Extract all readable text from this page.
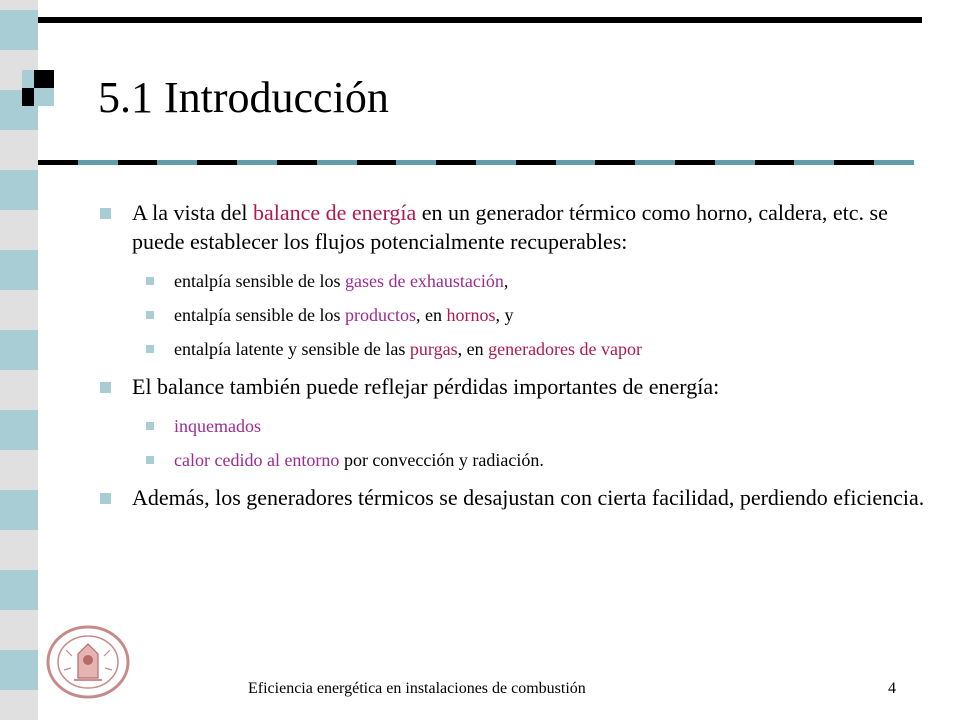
5.1 Introducción
A la vista del balance de energía en un generador térmico como horno, caldera, etc. se puede establecer los flujos potencialmente recuperables:
entalpía sensible de los gases de exhaustación,
entalpía sensible de los productos, en hornos, y
entalpía latente y sensible de las purgas, en generadores de vapor
El balance también puede reflejar pérdidas importantes de energía:
inquemados
calor cedido al entorno por convección y radiación.
Además, los generadores térmicos se desajustan con cierta facilidad, perdiendo eficiencia.
Eficiencia energética en instalaciones de combustión	4
